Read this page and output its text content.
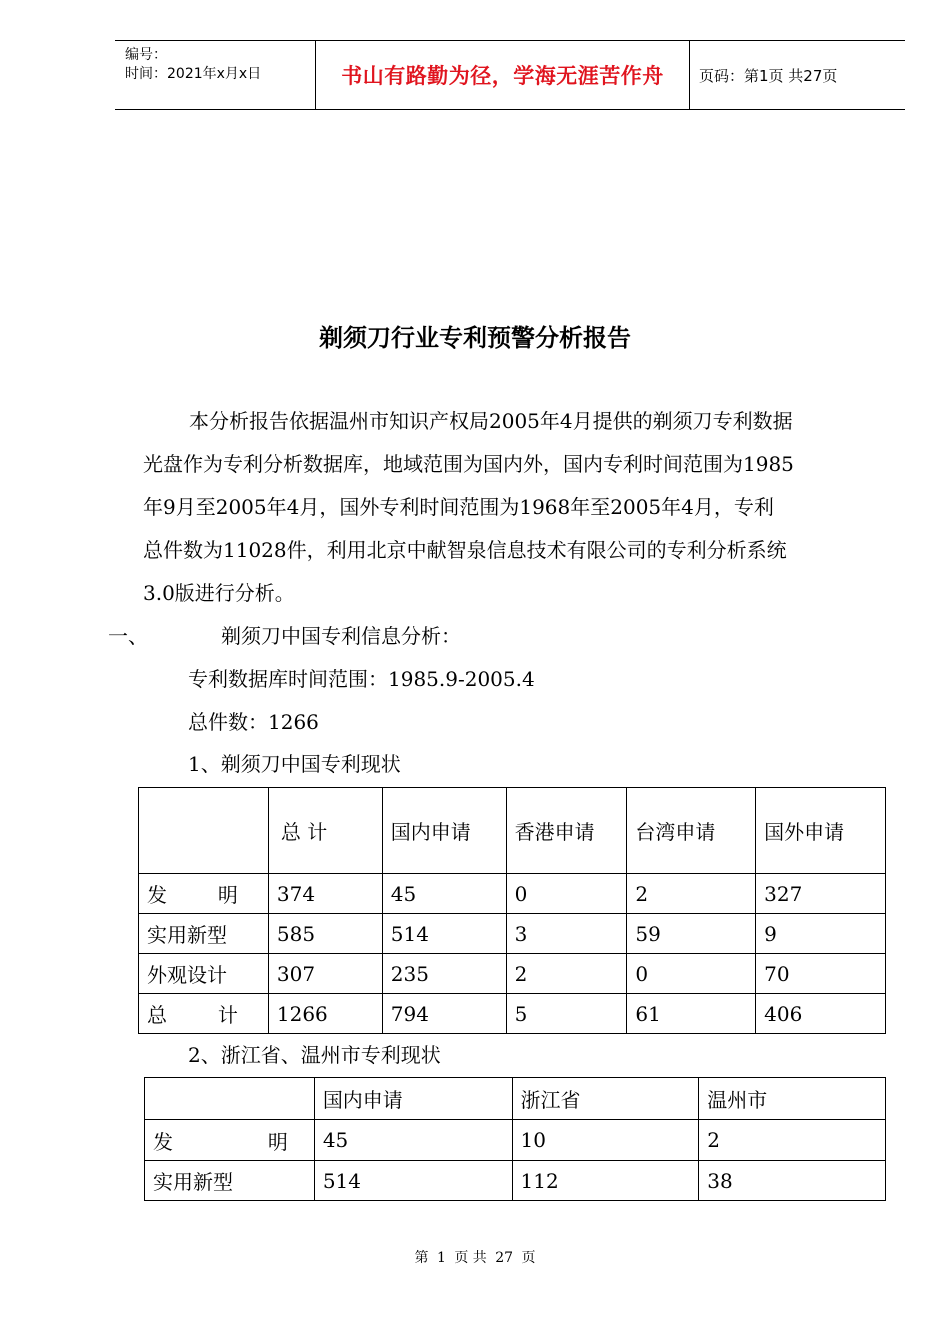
编号：
时间：2021年x月x日	书山有路勤为径，学海无涯苦作舟	页码：第1页 共27页
剃须刀行业专利预警分析报告
本分析报告依据温州市知识产权局2005年4月提供的剃须刀专利数据
光盘作为专利分析数据库，地域范围为国内外，国内专利时间范围为1985
年9月至2005年4月，国外专利时间范围为1968年至2005年4月，专利
总件数为11028件，利用北京中献智泉信息技术有限公司的专利分析系统
3.0版进行分析。
一、	剃须刀中国专利信息分析：
专利数据库时间范围：1985.9-2005.4
总件数：1266
1、剃须刀中国专利现状
	总 计	国内申请	香港申请	台湾申请	国外申请

发 明	374	45	0	2	327
实用新型	585	514	3	59	9
外观设计	307	235	2	0	70

总 计	1266	794	5	61	406
2、浙江省、温州市专利现状
	国内申请	浙江省	温州市

发 明	45	10	2
实用新型	514	112	38
第 1 页 共 27 页
